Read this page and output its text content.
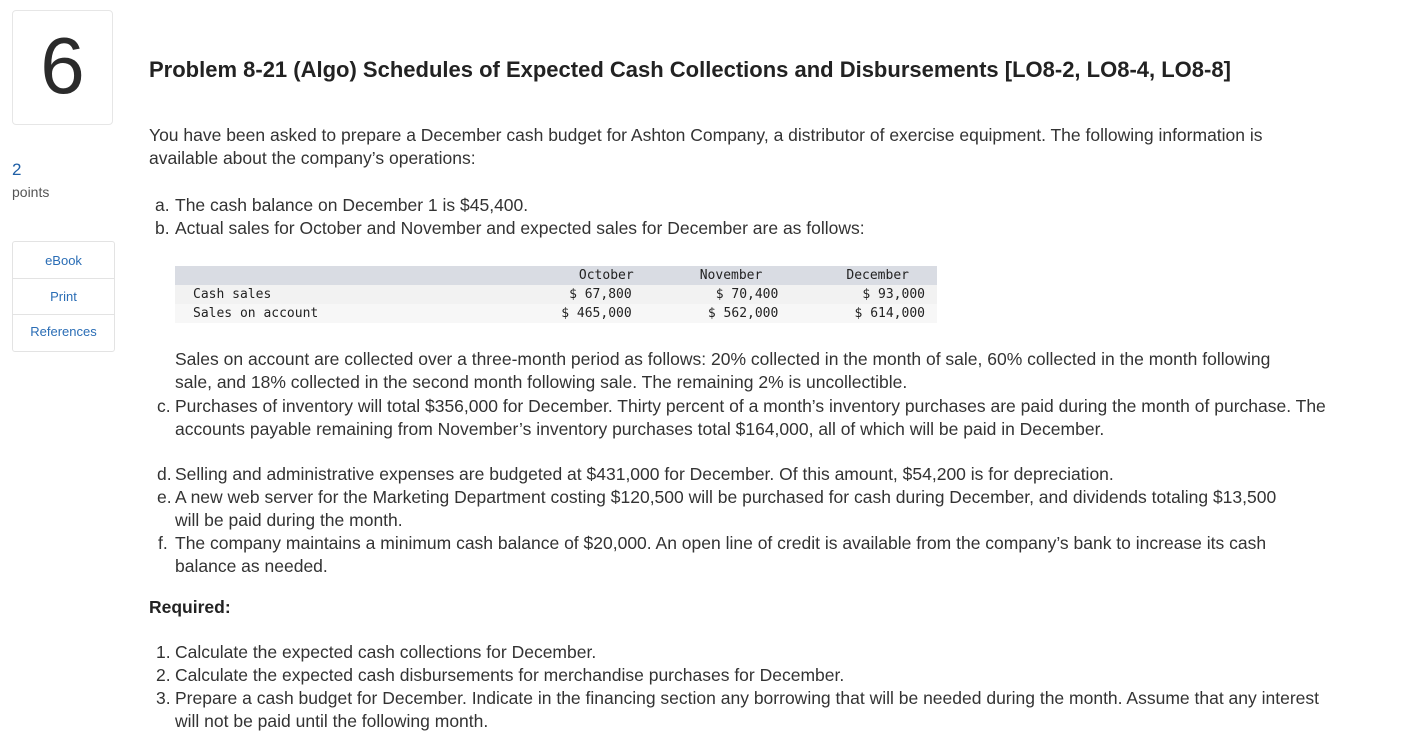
6
2
points
eBook
Print
References
Problem 8-21 (Algo) Schedules of Expected Cash Collections and Disbursements [LO8-2, LO8-4, LO8-8]

You have been asked to prepare a December cash budget for Ashton Company, a distributor of exercise equipment. The following information is available about the company’s operations:

a. The cash balance on December 1 is $45,400.
b. Actual sales for October and November and expected sales for December are as follows:
	October	November	December
Cash sales	$ 67,800	$ 70,400	$ 93,000
Sales on account	$ 465,000	$ 562,000	$ 614,000

Sales on account are collected over a three-month period as follows: 20% collected in the month of sale, 60% collected in the month following sale, and 18% collected in the second month following sale. The remaining 2% is uncollectible.

c. Purchases of inventory will total $356,000 for December. Thirty percent of a month’s inventory purchases are paid during the month of purchase. The accounts payable remaining from November’s inventory purchases total $164,000, all of which will be paid in December.
d. Selling and administrative expenses are budgeted at $431,000 for December. Of this amount, $54,200 is for depreciation.
e. A new web server for the Marketing Department costing $120,500 will be purchased for cash during December, and dividends totaling $13,500 will be paid during the month.
f. The company maintains a minimum cash balance of $20,000. An open line of credit is available from the company’s bank to increase its cash balance as needed.
Required:
1. Calculate the expected cash collections for December.
2. Calculate the expected cash disbursements for merchandise purchases for December.
3. Prepare a cash budget for December. Indicate in the financing section any borrowing that will be needed during the month. Assume that any interest will not be paid until the following month.
